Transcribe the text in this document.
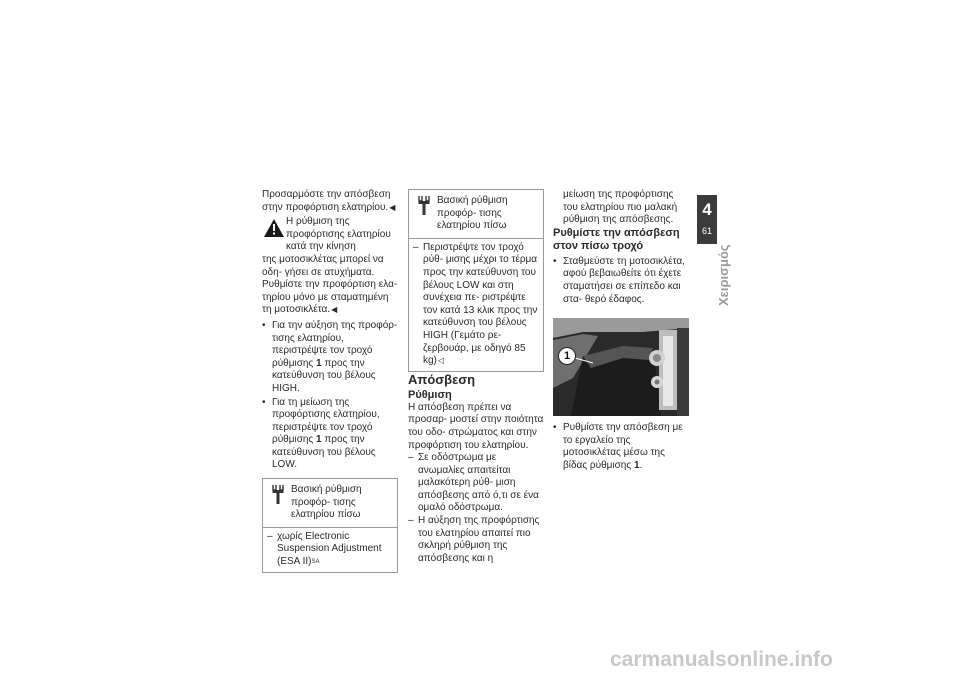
Προσαρμόστε την απόσβεση στην προφόρτιση ελατηρίου.◀

Η ρύθμιση της προφόρτισης ελατηρίου κατά την κίνηση

της μοτοσικλέτας μπορεί να οδη- γήσει σε ατυχήματα.

Ρυθμίστε την προφόρτιση ελα- τηρίου μόνο με σταματημένη τη μοτοσικλέτα.◀

• Για την αύξηση της προφόρ- τισης ελατηρίου, περιστρέψτε τον τροχό ρύθμισης 1 προς την κατεύθυνση του βέλους HIGH.
• Για τη μείωση της προφόρτισης ελατηρίου, περιστρέψτε τον τροχό ρύθμισης 1 προς την κατεύθυνση του βέλους LOW.
Βασική ρύθμιση προφόρ- τισης ελατηρίου πίσω
– χωρίς Electronic Suspension Adjustment (ESA II)$^{SA}$
Βασική ρύθμιση προφόρ- τισης ελατηρίου πίσω
– Περιστρέψτε τον τροχό ρύθ- μισης μέχρι το τέρμα προς την κατεύθυνση του βέλους LOW και στη συνέχεια πε- ριστρέψτε τον κατά 13 κλικ προς την κατεύθυνση του βέλους HIGH (Γεμάτο ρε- ζερβουάρ, με οδηγό 85 kg)◁

Απόσβεση

Ρύθμιση

Η απόσβεση πρέπει να προσαρ- μοστεί στην ποιότητα του οδο- στρώματος και στην προφόρτιση του ελατηρίου.

– Σε οδόστρωμα με ανωμαλίες απαιτείται μαλακότερη ρύθ- μιση απόσβεσης από ό,τι σε ένα ομαλό οδόστρωμα.
– Η αύξηση της προφόρτισης του ελατηρίου απαιτεί πιο σκληρή ρύθμιση της απόσβεσης και η

μείωση της προφόρτισης του ελατηρίου πιο μαλακή ρύθμιση της απόσβεσης.

Ρυθμίστε την απόσβεση στον πίσω τροχό

• Σταθμεύστε τη μοτοσικλέτα, αφού βεβαιωθείτε ότι έχετε σταματήσει σε επίπεδο και στα- θερό έδαφος.
1
• Ρυθμίστε την απόσβεση με το εργαλείο της μοτοσικλέτας μέσω της βίδας ρύθμισης 1.
4
61
Χειρισμός
carmanualsonline.info
